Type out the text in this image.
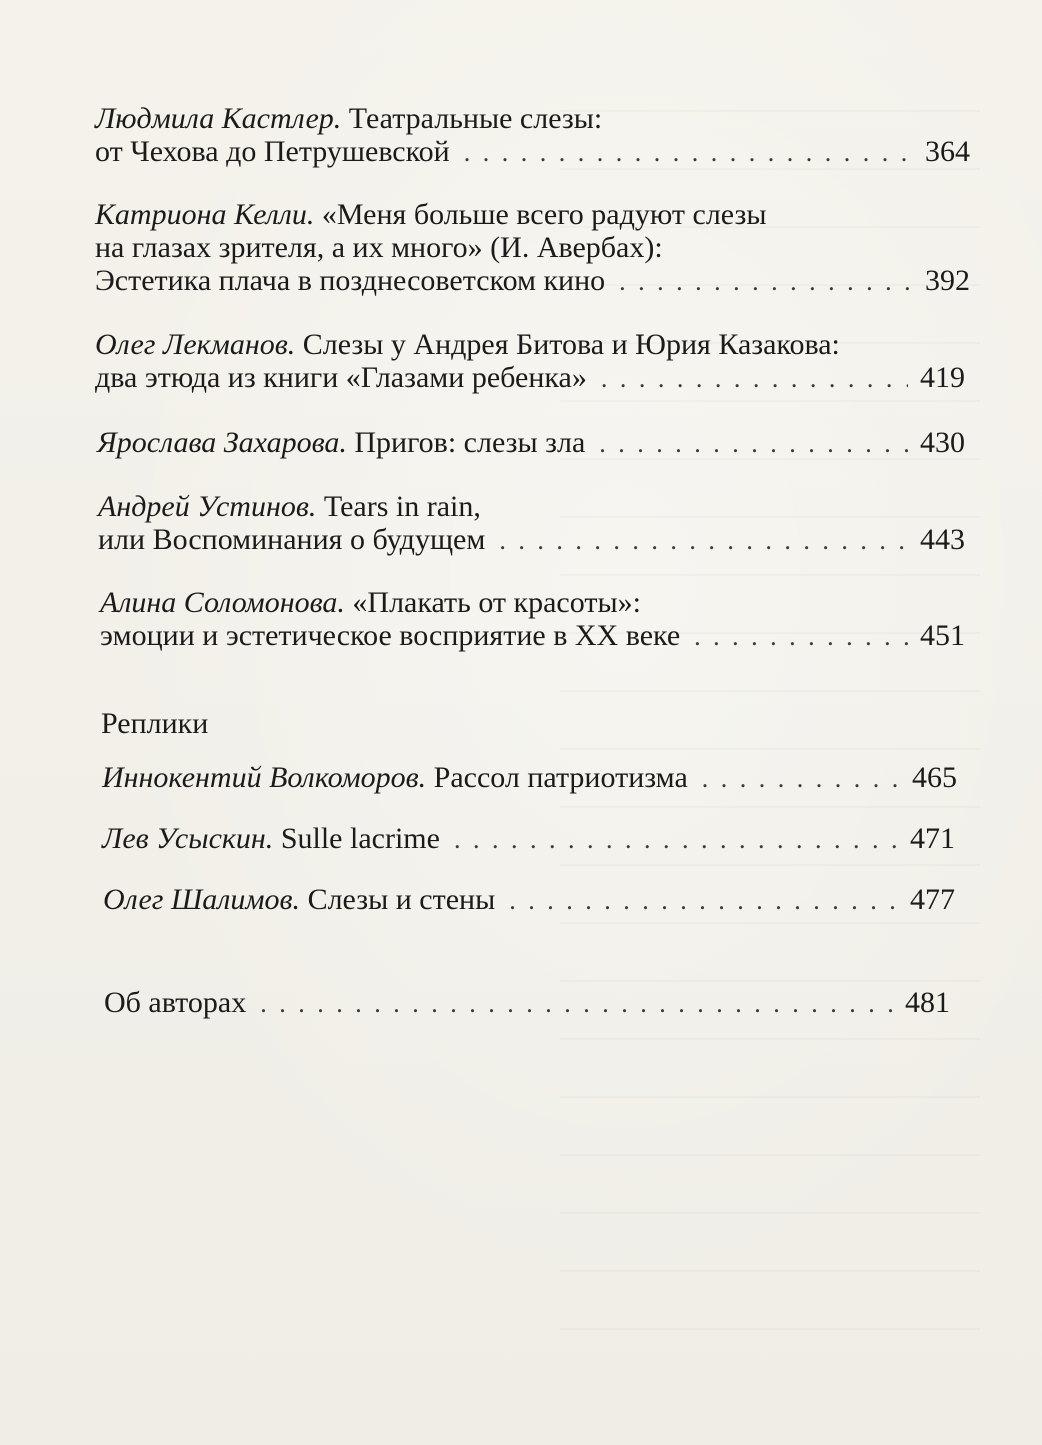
Людмила Кастлер. Театральные слезы:
от Чехова до Петрушевской . . .	364
Катриона Келли. «Меня больше всего радуют слезы
на глазах зрителя, а их много» (И. Авербах):
Эстетика плача в позднесоветском кино . . .	392
Олег Лекманов. Слезы у Андрея Битова и Юрия Казакова:
два этюда из книги «Глазами ребенка» . . .	419
Ярослава Захарова. Пригов: слезы зла . . .	430
Андрей Устинов. Tears in rain,
или Воспоминания о будущем . . .	443
Алина Соломонова. «Плакать от красоты»:
эмоции и эстетическое восприятие в XX веке . . .	451
Реплики
Иннокентий Волкоморов. Рассол патриотизма . . .	465
Лев Усыскин. Sulle lacrime . . .	471
Олег Шалимов. Слезы и стены . . .	477
Об авторах . . .	481
